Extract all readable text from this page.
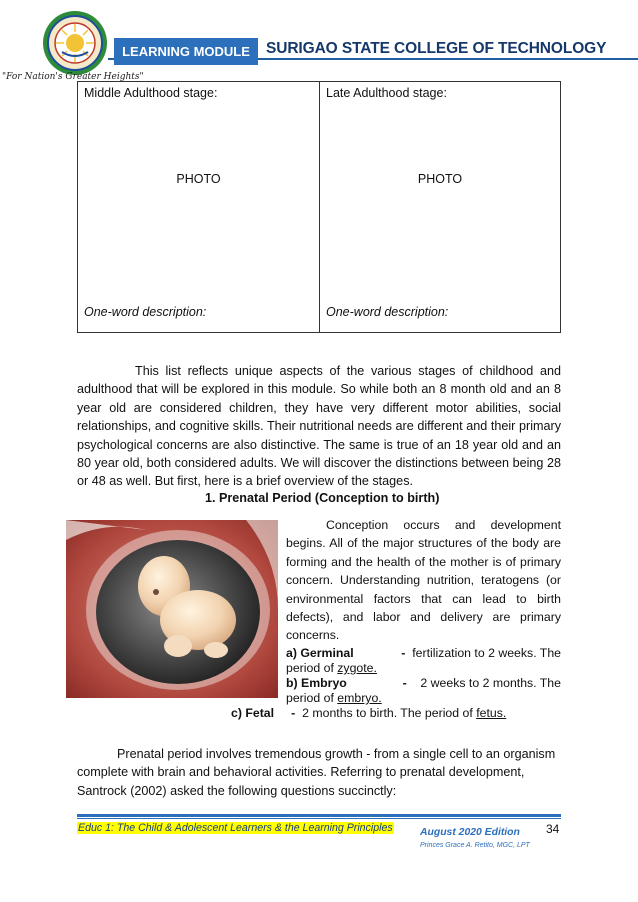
"For Nation's Greater Heights"
LEARNING MODULE	SURIGAO STATE COLLEGE OF TECHNOLOGY
Middle Adulthood stage:
PHOTO
One-word description:
Late Adulthood stage:
PHOTO
One-word description:

This list reflects unique aspects of the various stages of childhood and adulthood that will be explored in this module. So while both an 8 month old and an 8 year old are considered children, they have very different motor abilities, social relationships, and cognitive skills. Their nutritional needs are different and their primary psychological concerns are also distinctive. The same is true of an 18 year old and an 80 year old, both considered adults. We will discover the distinctions between being 28 or 48 as well. But first, here is a brief overview of the stages.

1. Prenatal Period (Conception to birth)

Conception occurs and development begins. All of the major structures of the body are forming and the health of the mother is of primary concern. Understanding nutrition, teratogens (or environmental factors that can lead to birth defects), and labor and delivery are primary concerns.

a) Germinal	- fertilization to 2 weeks. The
period of zygote.
b) Embryo	- 2 weeks to 2 months. The
period of embryo.
c) Fetal - 2 months to birth. The period of fetus.

Prenatal period involves tremendous growth - from a single cell to an organism complete with brain and behavioral activities. Referring to prenatal development, Santrock (2002) asked the following questions succinctly:

Educ 1: The Child & Adolescent Learners & the Learning Principles	August 2020 Edition
Princes Grace A. Retito, MGC, LPT
34
